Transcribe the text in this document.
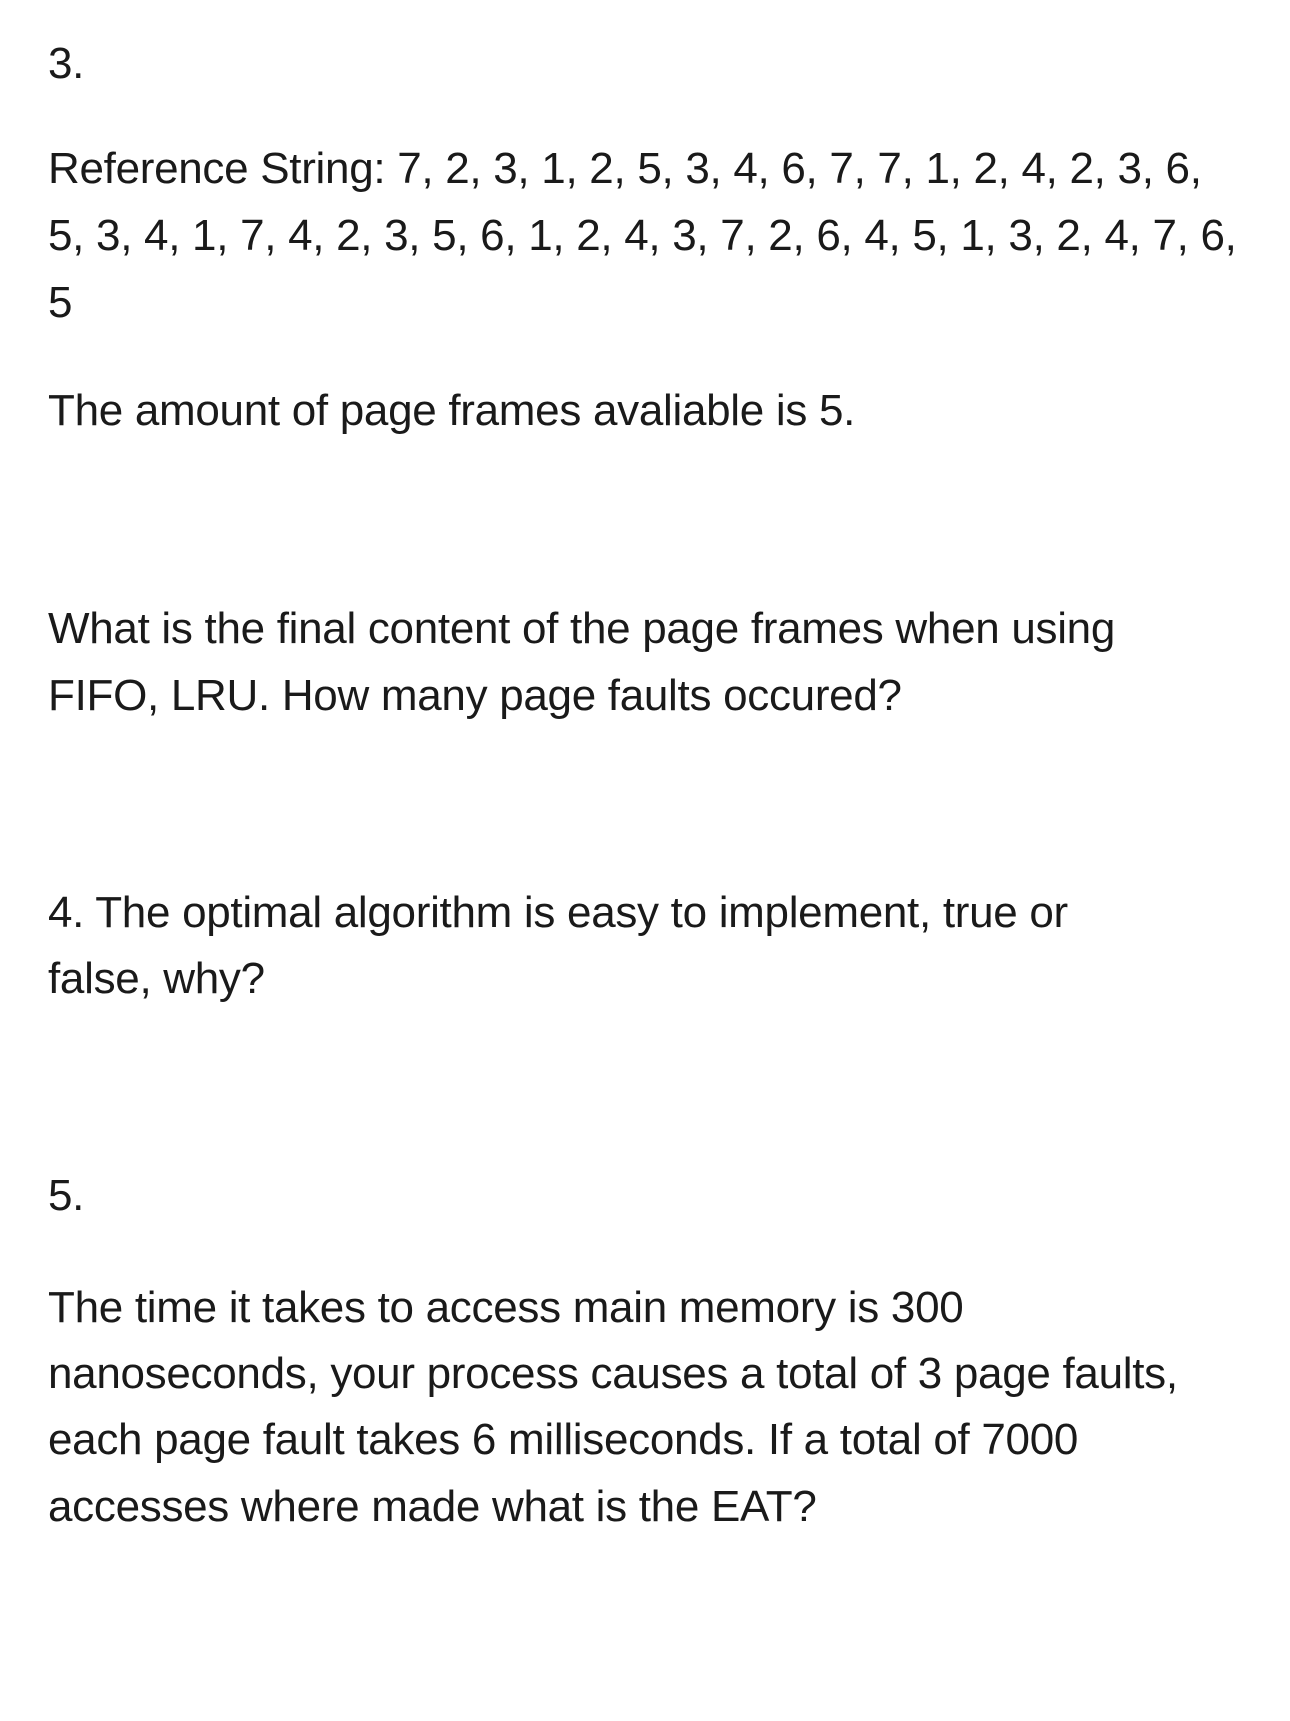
3.
Reference String: 7, 2, 3, 1, 2, 5, 3, 4, 6, 7, 7, 1, 2, 4, 2, 3, 6,
5, 3, 4, 1, 7, 4, 2, 3, 5, 6, 1, 2, 4, 3, 7, 2, 6, 4, 5, 1, 3, 2, 4, 7, 6,
5
The amount of page frames avaliable is 5.
What is the final content of the page frames when using
FIFO, LRU. How many page faults occured?
4. The optimal algorithm is easy to implement, true or
false, why?
5.
The time it takes to access main memory is 300
nanoseconds, your process causes a total of 3 page faults,
each page fault takes 6 milliseconds. If a total of 7000
accesses where made what is the EAT?
